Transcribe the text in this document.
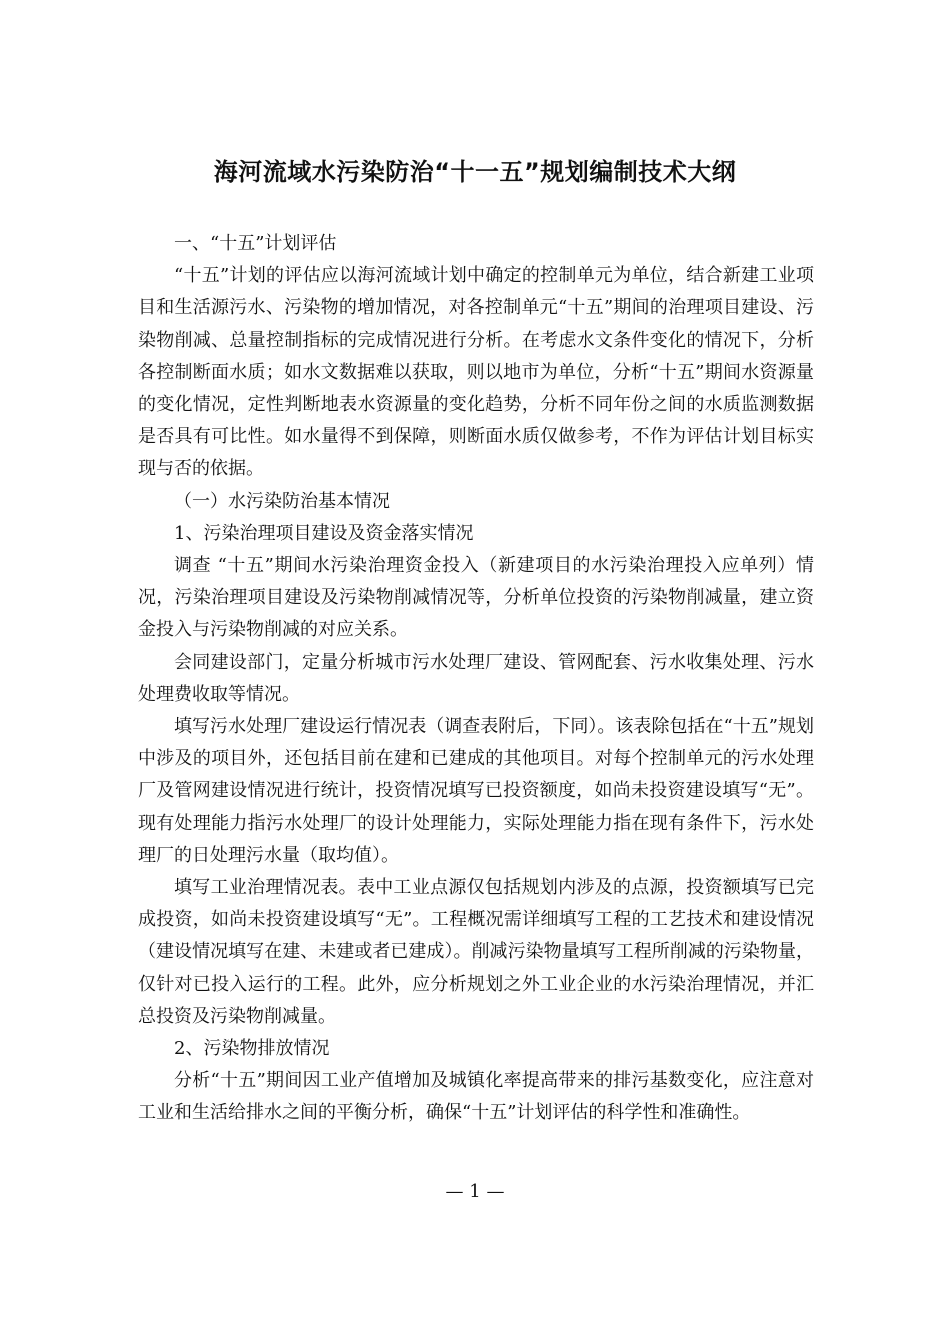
海河流域水污染防治“十一五”规划编制技术大纲

一、“十五”计划评估

“十五”计划的评估应以海河流域计划中确定的控制单元为单位，结合新建工业项目和生活源污水、污染物的增加情况，对各控制单元“十五”期间的治理项目建设、污染物削减、总量控制指标的完成情况进行分析。在考虑水文条件变化的情况下，分析各控制断面水质；如水文数据难以获取，则以地市为单位，分析“十五”期间水资源量的变化情况，定性判断地表水资源量的变化趋势，分析不同年份之间的水质监测数据是否具有可比性。如水量得不到保障，则断面水质仅做参考，不作为评估计划目标实现与否的依据。

（一）水污染防治基本情况

1、污染治理项目建设及资金落实情况

调查 “十五”期间水污染治理资金投入（新建项目的水污染治理投入应单列）情况，污染治理项目建设及污染物削减情况等，分析单位投资的污染物削减量，建立资金投入与污染物削减的对应关系。

会同建设部门，定量分析城市污水处理厂建设、管网配套、污水收集处理、污水处理费收取等情况。

填写污水处理厂建设运行情况表（调查表附后，下同）。该表除包括在“十五”规划中涉及的项目外，还包括目前在建和已建成的其他项目。对每个控制单元的污水处理厂及管网建设情况进行统计，投资情况填写已投资额度，如尚未投资建设填写“无”。现有处理能力指污水处理厂的设计处理能力，实际处理能力指在现有条件下，污水处理厂的日处理污水量（取均值）。

填写工业治理情况表。表中工业点源仅包括规划内涉及的点源，投资额填写已完成投资，如尚未投资建设填写“无”。工程概况需详细填写工程的工艺技术和建设情况（建设情况填写在建、未建或者已建成）。削减污染物量填写工程所削减的污染物量，仅针对已投入运行的工程。此外，应分析规划之外工业企业的水污染治理情况，并汇总投资及污染物削减量。

2、污染物排放情况

分析“十五”期间因工业产值增加及城镇化率提高带来的排污基数变化，应注意对工业和生活给排水之间的平衡分析，确保“十五”计划评估的科学性和准确性。

— 1 —
